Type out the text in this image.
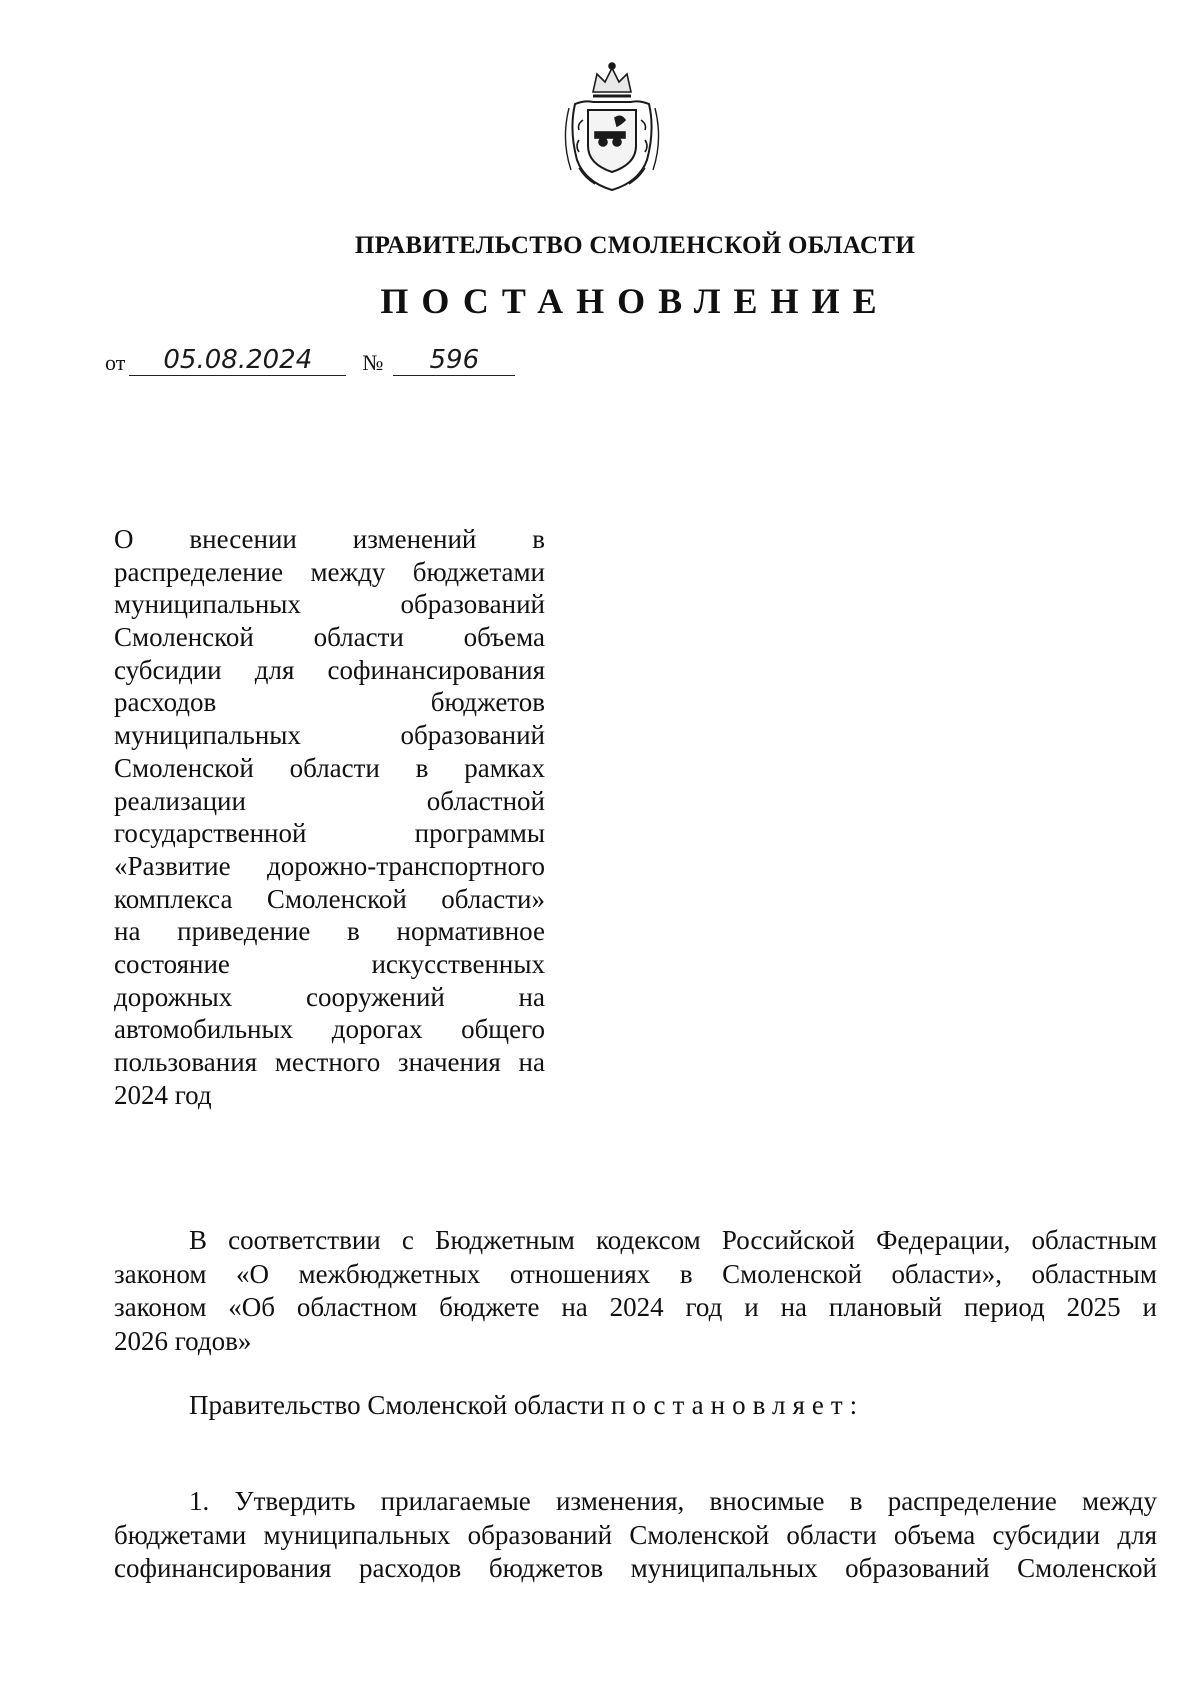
ПРАВИТЕЛЬСТВО СМОЛЕНСКОЙ ОБЛАСТИ
ПОСТАНОВЛЕНИЕ
от	05.08.2024	№	596
О внесении изменений в
распределение между бюджетами
муниципальных образований
Смоленской области объема
субсидии для софинансирования
расходов бюджетов
муниципальных образований
Смоленской области в рамках
реализации областной
государственной программы
«Развитие дорожно-транспортного
комплекса Смоленской области»
на приведение в нормативное
состояние искусственных
дорожных сооружений на
автомобильных дорогах общего
пользования местного значения на
2024 год
В соответствии с Бюджетным кодексом Российской Федерации, областным
законом «О межбюджетных отношениях в Смоленской области», областным
законом «Об областном бюджете на 2024 год и на плановый период 2025 и
2026 годов»
Правительство Смоленской области постановляет:
1. Утвердить прилагаемые изменения, вносимые в распределение между
бюджетами муниципальных образований Смоленской области объема субсидии для
софинансирования расходов бюджетов муниципальных образований Смоленской
